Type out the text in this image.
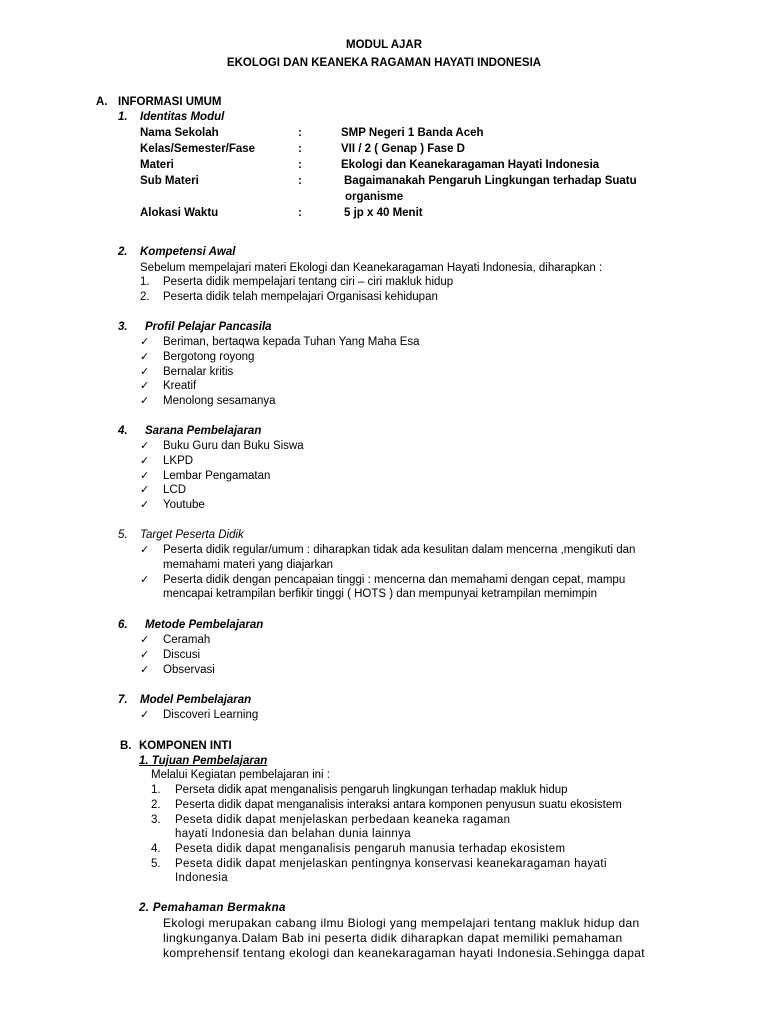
MODUL AJAR
EKOLOGI DAN KEANEKA RAGAMAN HAYATI INDONESIA
A. INFORMASI UMUM
1. Identitas Modul
Nama Sekolah	:	SMP Negeri 1 Banda Aceh
Kelas/Semester/Fase	:	VII / 2 ( Genap ) Fase D
Materi	:	Ekologi dan Keanekaragaman Hayati Indonesia
Sub Materi	:	Bagaimanakah Pengaruh Lingkungan terhadap Suatu
organisme
Alokasi Waktu	:	5 jp x 40 Menit
2. Kompetensi Awal
Sebelum mempelajari materi Ekologi dan Keanekaragaman Hayati Indonesia, diharapkan :
1. Peserta didik mempelajari tentang ciri – ciri makluk hidup
2. Peserta didik telah mempelajari Organisasi kehidupan
3. Profil Pelajar Pancasila
✓ Beriman, bertaqwa kepada Tuhan Yang Maha Esa
✓ Bergotong royong
✓ Bernalar kritis
✓ Kreatif
✓ Menolong sesamanya
4. Sarana Pembelajaran
✓ Buku Guru dan Buku Siswa
✓ LKPD
✓ Lembar Pengamatan
✓ LCD
✓ Youtube
5. Target Peserta Didik
✓ Peserta didik regular/umum : diharapkan tidak ada kesulitan dalam mencerna ,mengikuti dan
memahami materi yang diajarkan
✓ Peserta didik dengan pencapaian tinggi : mencerna dan memahami dengan cepat, mampu
mencapai ketrampilan berfikir tinggi ( HOTS ) dan mempunyai ketrampilan memimpin
6. Metode Pembelajaran
✓ Ceramah
✓ Discusi
✓ Observasi
7. Model Pembelajaran
✓ Discoveri Learning
B. KOMPONEN INTI
1. Tujuan Pembelajaran
Melalui Kegiatan pembelajaran ini :
1. Perseta didik apat menganalisis pengaruh lingkungan terhadap makluk hidup
2. Peserta didik dapat menganalisis interaksi antara komponen penyusun suatu ekosistem
3. Peseta didik dapat menjelaskan perbedaan keaneka ragaman
hayati Indonesia dan belahan dunia lainnya
4. Peseta didik dapat menganalisis pengaruh manusia terhadap ekosistem
5. Peseta didik dapat menjelaskan pentingnya konservasi keanekaragaman hayati
Indonesia
2. Pemahaman Bermakna
Ekologi merupakan cabang ilmu Biologi yang mempelajari tentang makluk hidup dan
lingkunganya.Dalam Bab ini peserta didik diharapkan dapat memiliki pemahaman
komprehensif tentang ekologi dan keanekaragaman hayati Indonesia.Sehingga dapat
